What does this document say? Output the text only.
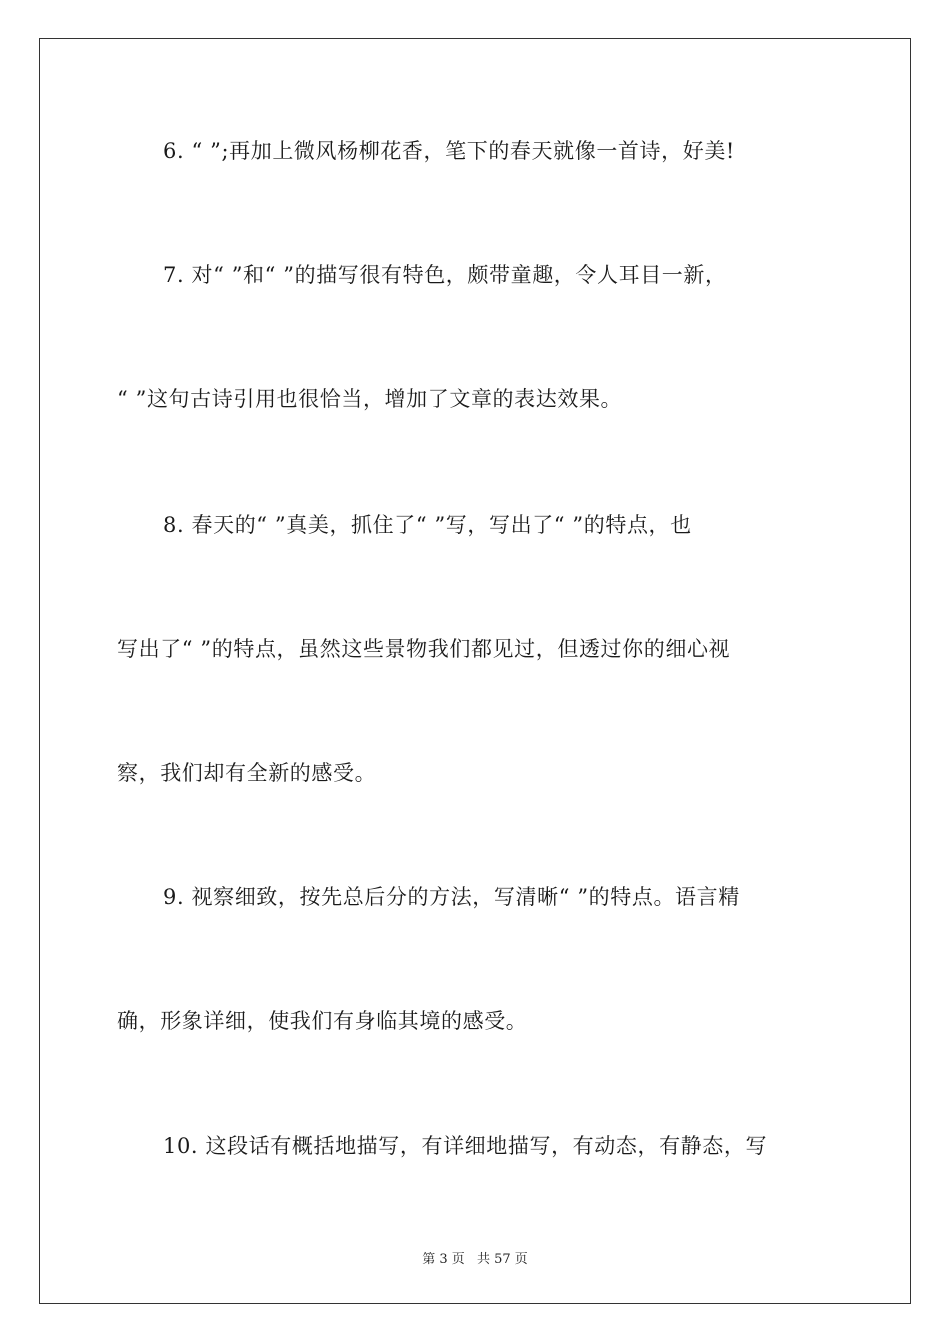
6. “ ”;再加上微风杨柳花香，笔下的春天就像一首诗，好美!
7. 对“ ”和“ ”的描写很有特色，颇带童趣，令人耳目一新，
“ ”这句古诗引用也很恰当，增加了文章的表达效果。
8. 春天的“ ”真美，抓住了“ ”写，写出了“ ”的特点，也
写出了“ ”的特点，虽然这些景物我们都见过，但透过你的细心视
察，我们却有全新的感受。
9. 视察细致，按先总后分的方法，写清晰“ ”的特点。语言精
确，形象详细，使我们有身临其境的感受。
10. 这段话有概括地描写，有详细地描写，有动态，有静态，写
第 3 页 共 57 页
